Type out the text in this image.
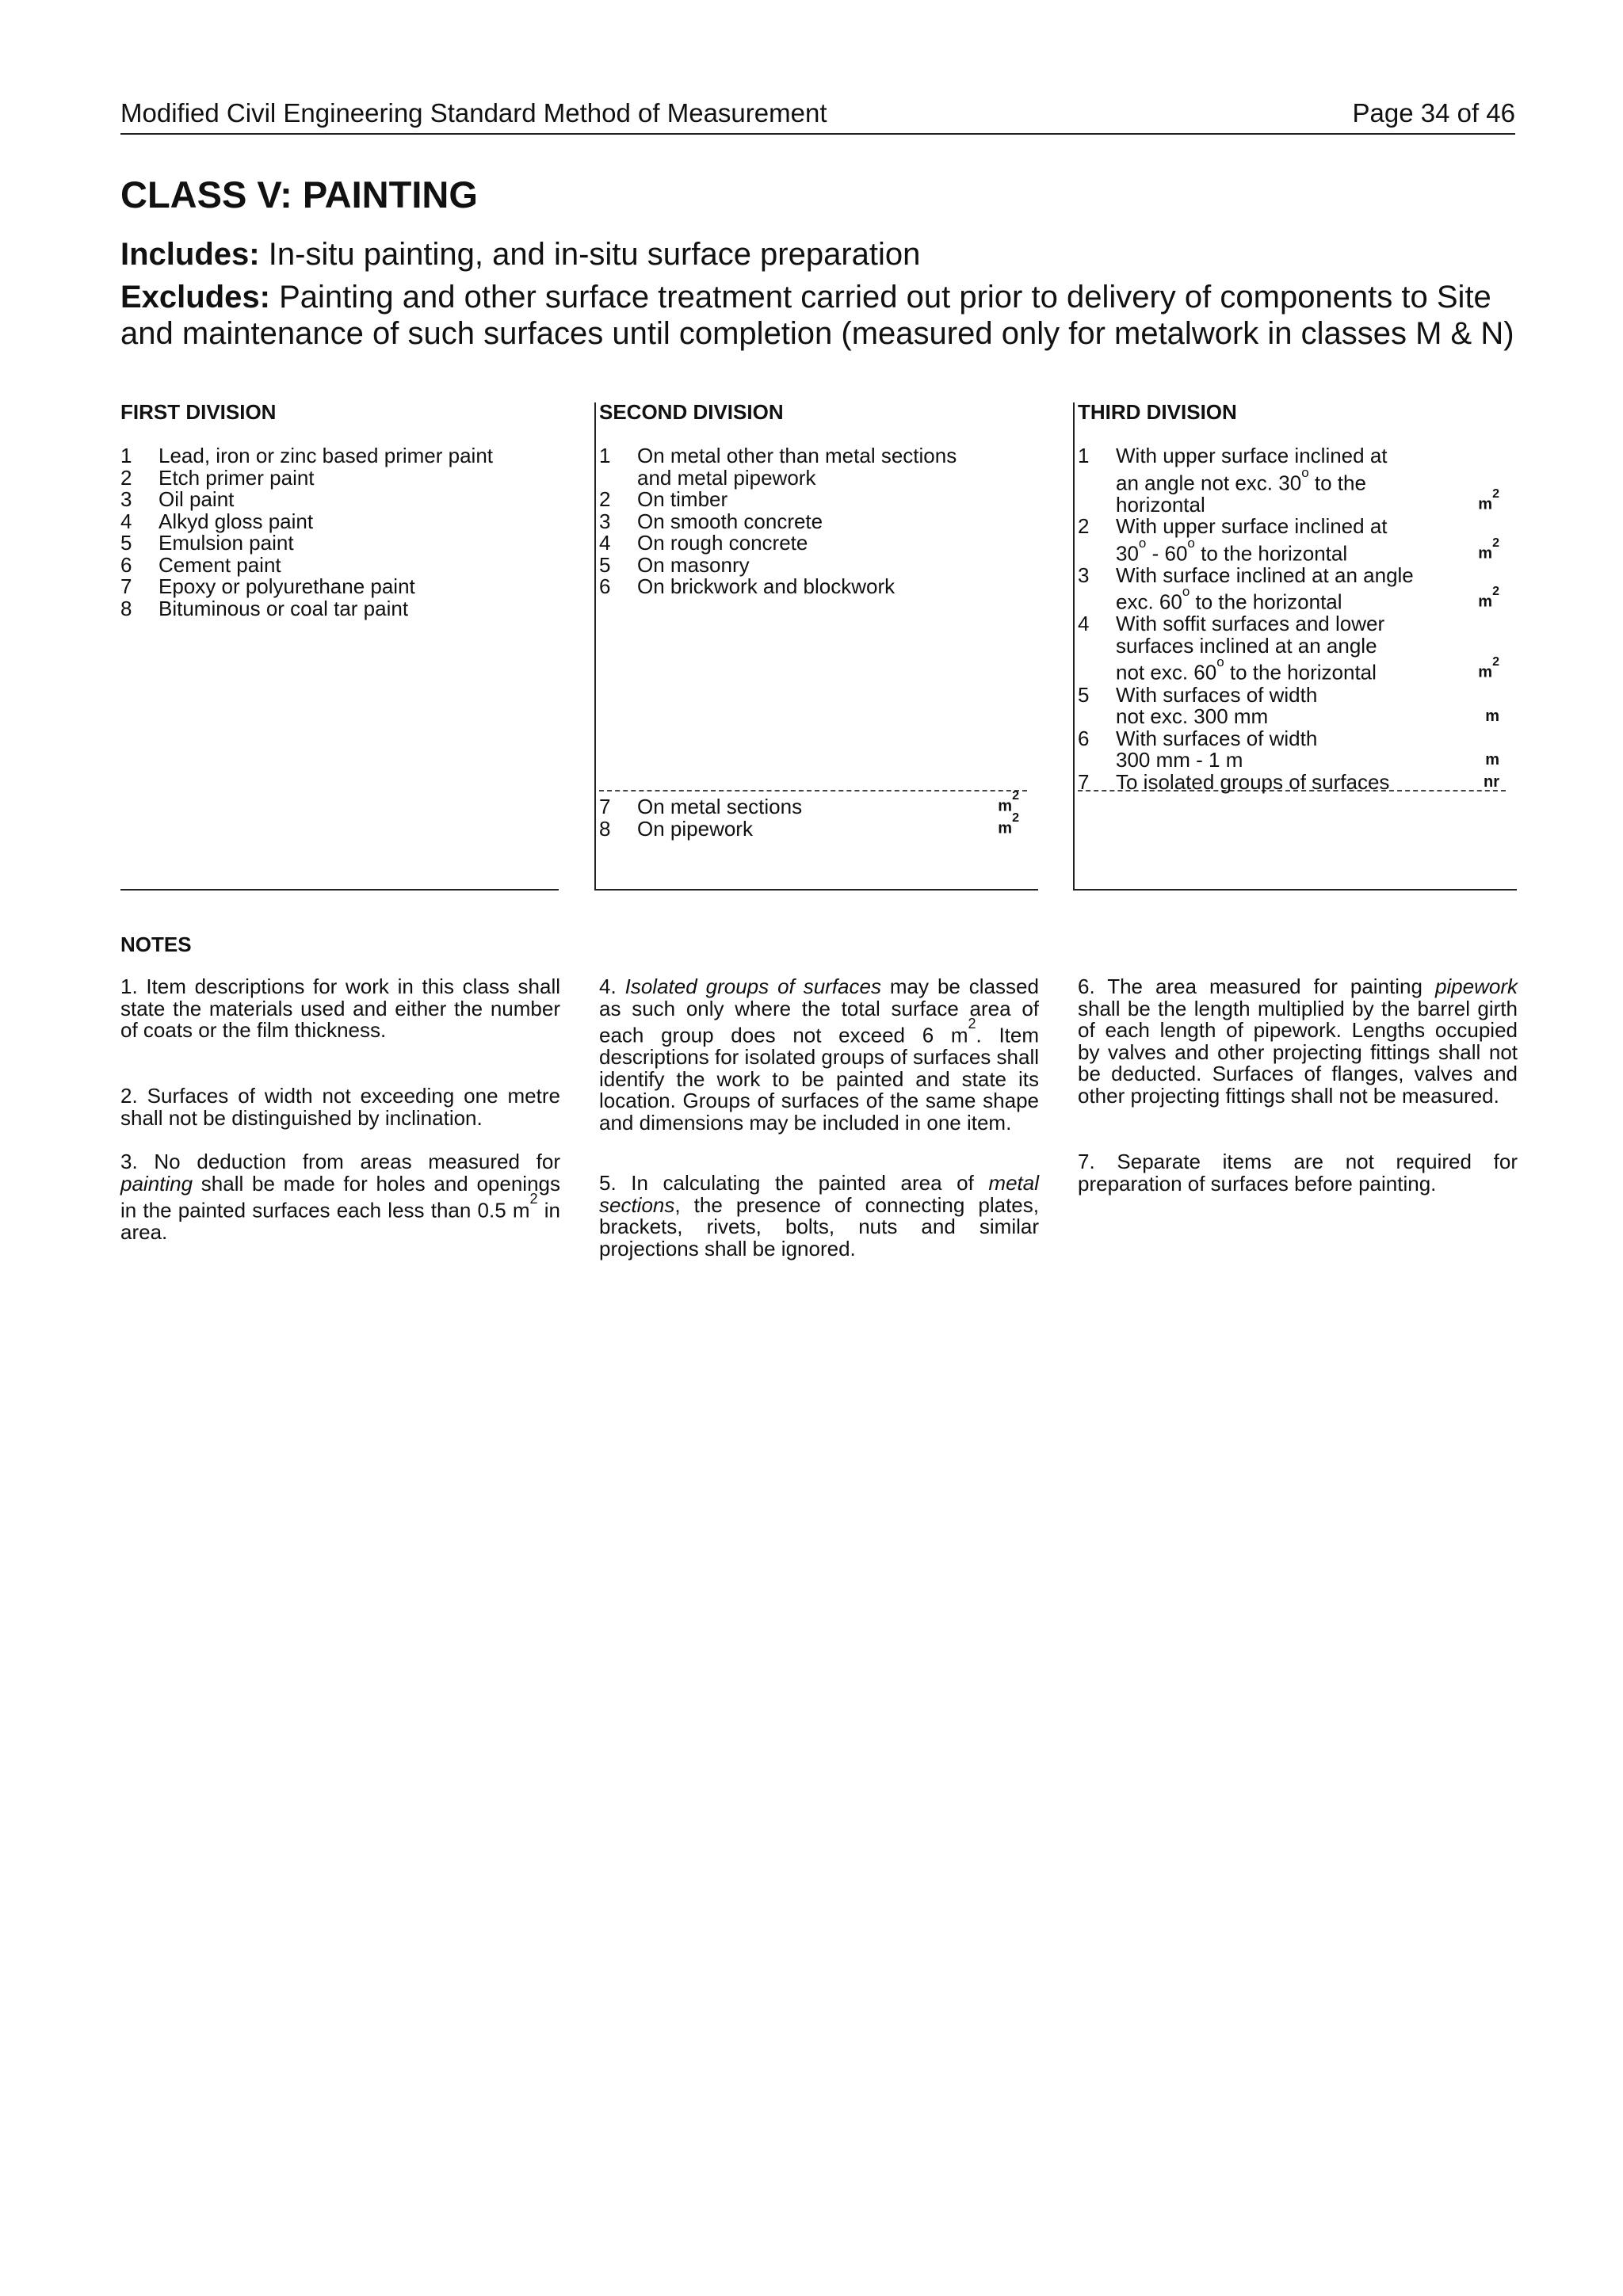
Modified Civil Engineering Standard Method of Measurement	Page 34 of 46
CLASS V: PAINTING
Includes: In-situ painting, and in-situ surface preparation
Excludes: Painting and other surface treatment carried out prior to delivery of components to Site and maintenance of such surfaces until completion (measured only for metalwork in classes M & N)
FIRST DIVISION	SECOND DIVISION	THIRD DIVISION
1 Lead, iron or zinc based primer paint
2 Etch primer paint
3 Oil paint
4 Alkyd gloss paint
5 Emulsion paint
6 Cement paint
7 Epoxy or polyurethane paint
8 Bituminous or coal tar paint
1 On metal other than metal sections
and metal pipework
2 On timber
3 On smooth concrete
4 On rough concrete
5 On masonry
6 On brickwork and blockwork
7 On metal sections	$m^2$
8 On pipework	$m^2$
1 With upper surface inclined at
an angle not exc. 30$^o$ to the
horizontal	$m^2$
2 With upper surface inclined at
30$^o$ - 60$^o$ to the horizontal	$m^2$
3 With surface inclined at an angle
exc. 60$^o$ to the horizontal	$m^2$
4 With soffit surfaces and lower
surfaces inclined at an angle
not exc. 60$^o$ to the horizontal	$m^2$
5 With surfaces of width
not exc. 300 mm	m
6 With surfaces of width
300 mm - 1 m	m
7 To isolated groups of surfaces	nr
NOTES
1. Item descriptions for work in this class shall state the materials used and either the number of coats or the film thickness.
2. Surfaces of width not exceeding one metre shall not be distinguished by inclination.
3. No deduction from areas measured for painting shall be made for holes and openings in the painted surfaces each less than 0.5 $m^2$ in area.
4. Isolated groups of surfaces may be classed as such only where the total surface area of each group does not exceed 6 $m^2$. Item descriptions for isolated groups of surfaces shall identify the work to be painted and state its location. Groups of surfaces of the same shape and dimensions may be included in one item.
5. In calculating the painted area of metal sections, the presence of connecting plates, brackets, rivets, bolts, nuts and similar projections shall be ignored.
6. The area measured for painting pipework shall be the length multiplied by the barrel girth of each length of pipework. Lengths occupied by valves and other projecting fittings shall not be deducted. Surfaces of flanges, valves and other projecting fittings shall not be measured.
7. Separate items are not required for preparation of surfaces before painting.
